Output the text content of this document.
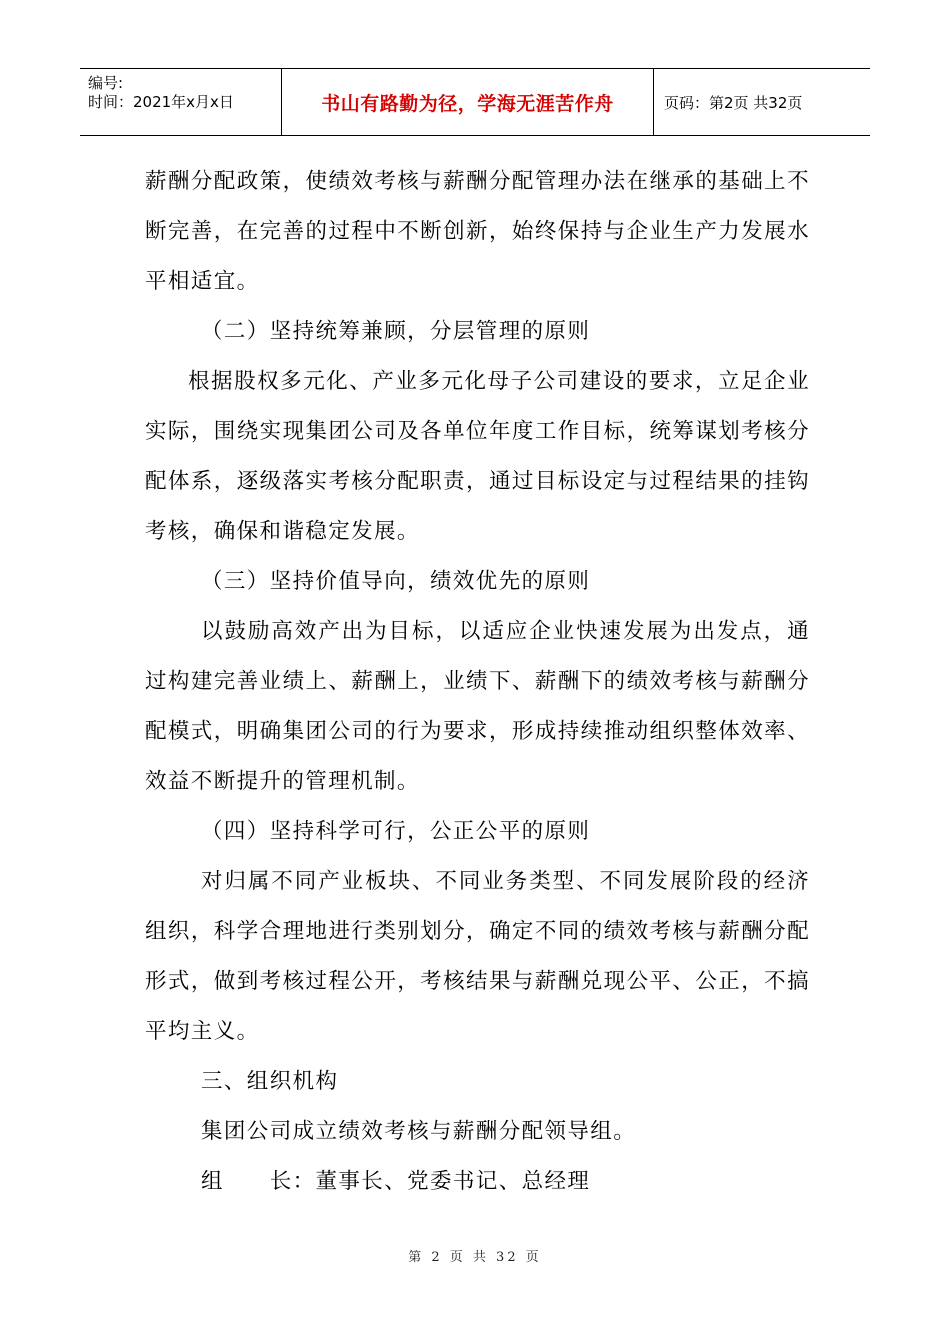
编号:
时间：2021年x月x日	书山有路勤为径，学海无涯苦作舟	页码：第2页 共32页

薪酬分配政策，使绩效考核与薪酬分配管理办法在继承的基础上不断完善，在完善的过程中不断创新，始终保持与企业生产力发展水平相适宜。

（二）坚持统筹兼顾，分层管理的原则

根据股权多元化、产业多元化母子公司建设的要求，立足企业实际，围绕实现集团公司及各单位年度工作目标，统筹谋划考核分配体系，逐级落实考核分配职责，通过目标设定与过程结果的挂钩考核，确保和谐稳定发展。

（三）坚持价值导向，绩效优先的原则

以鼓励高效产出为目标，以适应企业快速发展为出发点，通过构建完善业绩上、薪酬上，业绩下、薪酬下的绩效考核与薪酬分配模式，明确集团公司的行为要求，形成持续推动组织整体效率、效益不断提升的管理机制。

（四）坚持科学可行，公正公平的原则

对归属不同产业板块、不同业务类型、不同发展阶段的经济组织，科学合理地进行类别划分，确定不同的绩效考核与薪酬分配形式，做到考核过程公开，考核结果与薪酬兑现公平、公正，不搞平均主义。

三、组织机构

集团公司成立绩效考核与薪酬分配领导组。

组　　长：董事长、党委书记、总经理

第 2 页 共 32 页
